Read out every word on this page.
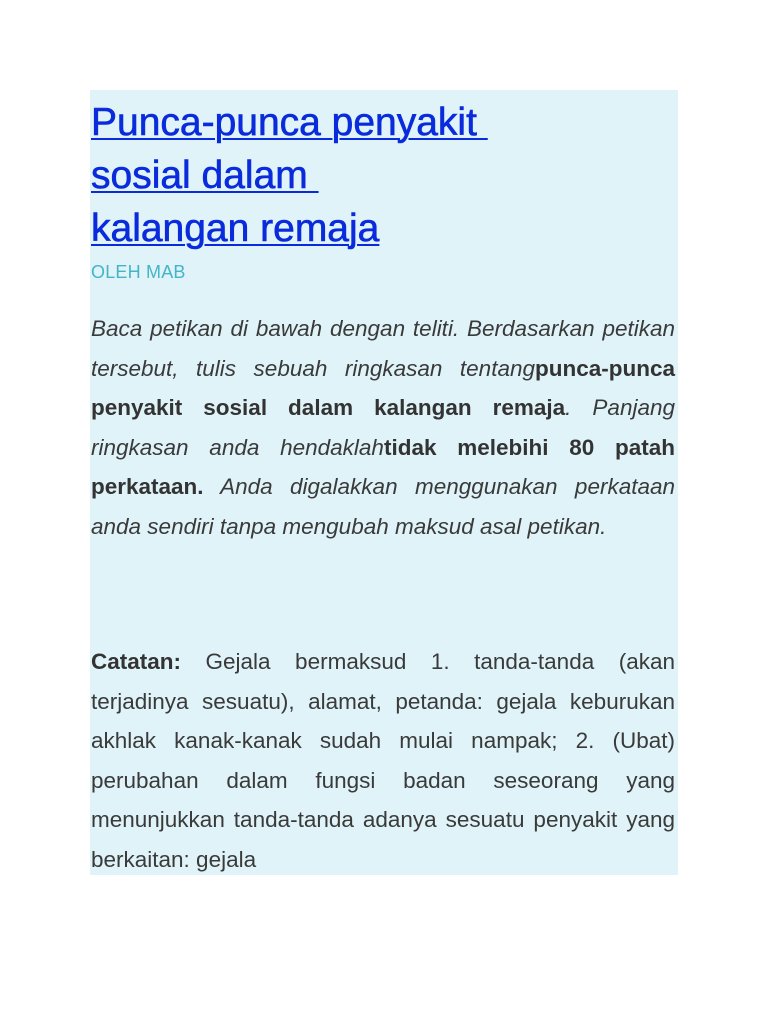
Punca-punca penyakit
sosial dalam
kalangan remaja
OLEH MAB

Baca petikan di bawah dengan teliti. Berdasarkan petikan tersebut, tulis sebuah ringkasan tentangpunca-punca penyakit sosial dalam kalangan remaja. Panjang ringkasan anda hendaklahtidak melebihi 80 patah perkataan. Anda digalakkan menggunakan perkataan anda sendiri tanpa mengubah maksud asal petikan.

Catatan: Gejala bermaksud 1. tanda-tanda (akan terjadinya sesuatu), alamat, petanda: gejala keburukan akhlak kanak-kanak sudah mulai nampak; 2. (Ubat) perubahan dalam fungsi badan seseorang yang menunjukkan tanda-tanda adanya sesuatu penyakit yang berkaitan: gejala
